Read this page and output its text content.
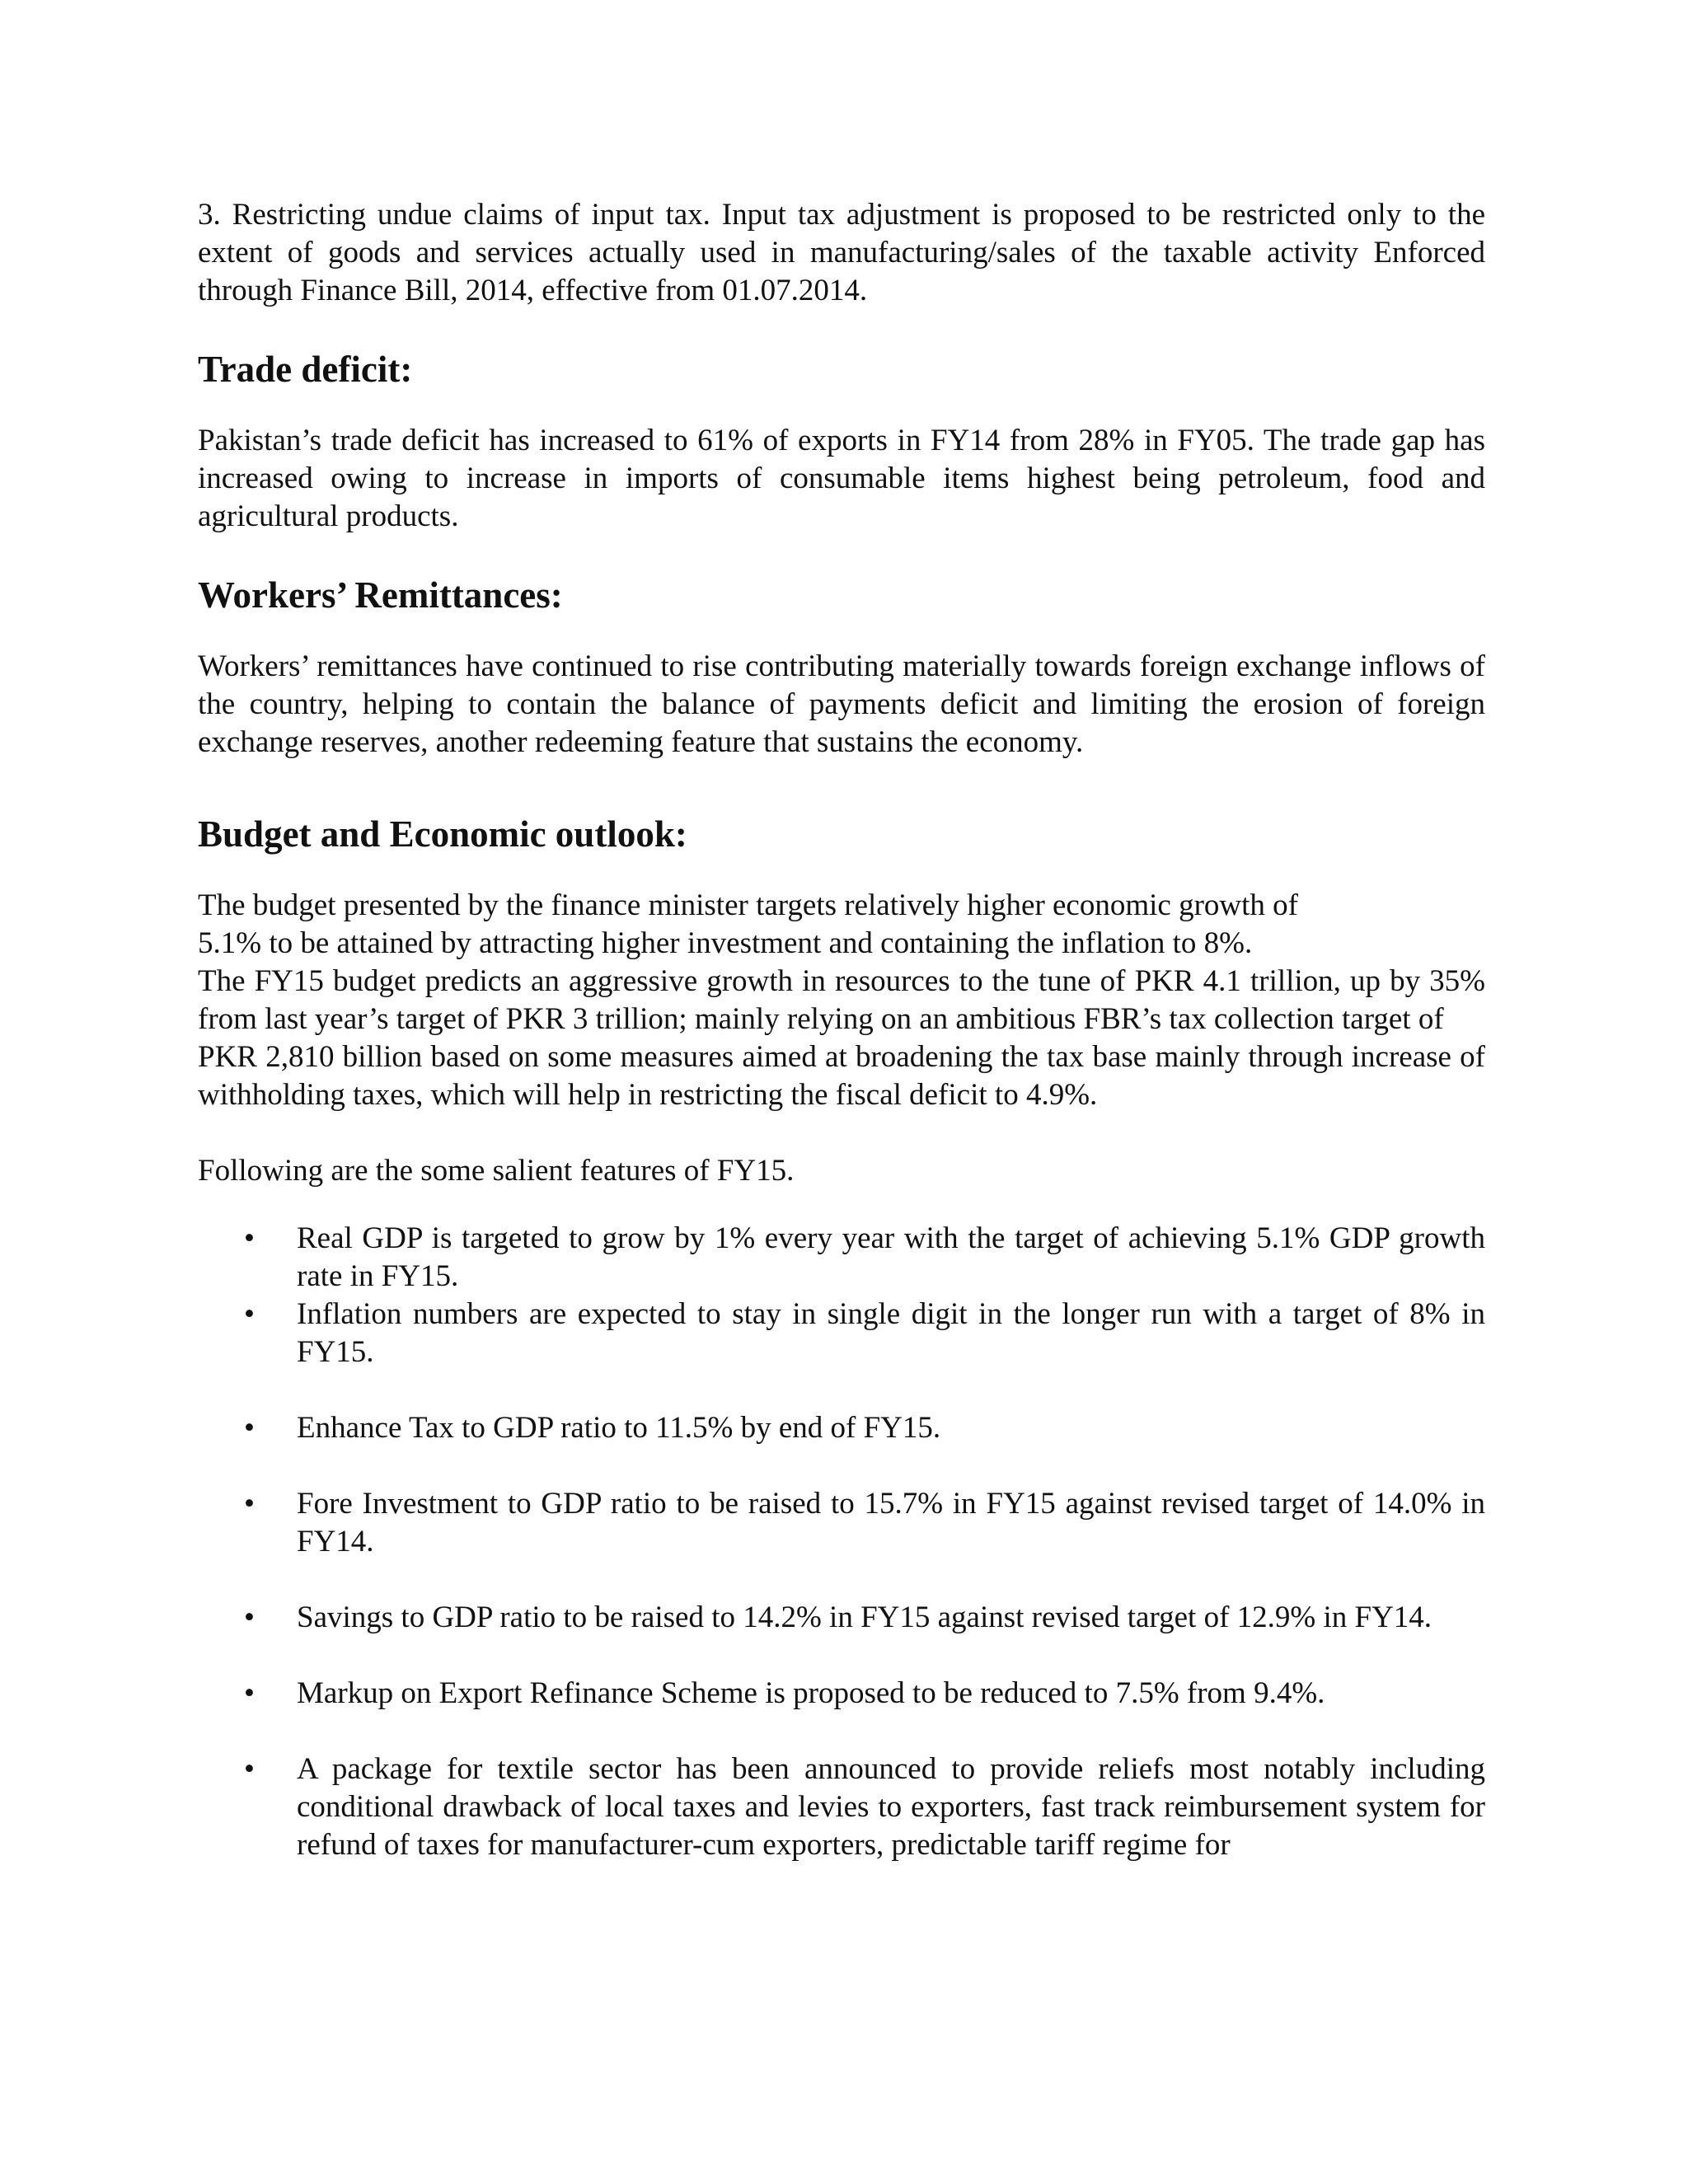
3. Restricting undue claims of input tax. Input tax adjustment is proposed to be restricted only to the extent of goods and services actually used in manufacturing/sales of the taxable activity Enforced through Finance Bill, 2014, effective from 01.07.2014.

Trade deficit:

Pakistan’s trade deficit has increased to 61% of exports in FY14 from 28% in FY05. The trade gap has increased owing to increase in imports of consumable items highest being petroleum, food and agricultural products.

Workers’ Remittances:

Workers’ remittances have continued to rise contributing materially towards foreign exchange inflows of the country, helping to contain the balance of payments deficit and limiting the erosion of foreign exchange reserves, another redeeming feature that sustains the economy.

Budget and Economic outlook:

The budget presented by the finance minister targets relatively higher economic growth of

5.1% to be attained by attracting higher investment and containing the inflation to 8%.

The FY15 budget predicts an aggressive growth in resources to the tune of PKR 4.1 trillion, up by 35% from last year’s target of PKR 3 trillion; mainly relying on an ambitious FBR’s tax collection target of

PKR 2,810 billion based on some measures aimed at broadening the tax base mainly through increase of withholding taxes, which will help in restricting the fiscal deficit to 4.9%.

Following are the some salient features of FY15.

• Real GDP is targeted to grow by 1% every year with the target of achieving 5.1% GDP growth rate in FY15.
• Inflation numbers are expected to stay in single digit in the longer run with a target of 8% in FY15.
• Enhance Tax to GDP ratio to 11.5% by end of FY15.
• Fore Investment to GDP ratio to be raised to 15.7% in FY15 against revised target of 14.0% in FY14.
• Savings to GDP ratio to be raised to 14.2% in FY15 against revised target of 12.9% in FY14.
• Markup on Export Refinance Scheme is proposed to be reduced to 7.5% from 9.4%.
• A package for textile sector has been announced to provide reliefs most notably including conditional drawback of local taxes and levies to exporters, fast track reimbursement system for refund of taxes for manufacturer-cum exporters, predictable tariff regime for
